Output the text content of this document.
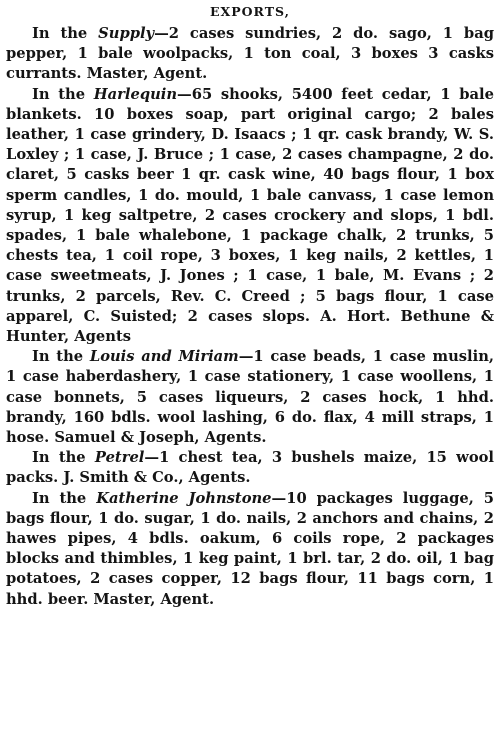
EXPORTS,

In the Supply—2 cases sundries, 2 do. sago, 1 bag pepper, 1 bale woolpacks, 1 ton coal, 3 boxes 3 casks currants. Master, Agent.

In the Harlequin—65 shooks, 5400 feet cedar, 1 bale blankets. 10 boxes soap, part original cargo; 2 bales leather, 1 case grindery, D. Isaacs ; 1 qr. cask brandy, W. S. Loxley ; 1 case, J. Bruce ; 1 case, 2 cases champagne, 2 do. claret, 5 casks beer 1 qr. cask wine, 40 bags flour, 1 box sperm candles, 1 do. mould, 1 bale canvass, 1 case lemon syrup, 1 keg saltpetre, 2 cases crockery and slops, 1 bdl. spades, 1 bale whalebone, 1 package chalk, 2 trunks, 5 chests tea, 1 coil rope, 3 boxes, 1 keg nails, 2 kettles, 1 case sweetmeats, J. Jones ; 1 case, 1 bale, M. Evans ; 2 trunks, 2 parcels, Rev. C. Creed ; 5 bags flour, 1 case apparel, C. Suisted; 2 cases slops. A. Hort. Bethune & Hunter, Agents

In the Louis and Miriam—1 case beads, 1 case muslin, 1 case haberdashery, 1 case stationery, 1 case woollens, 1 case bonnets, 5 cases liqueurs, 2 cases hock, 1 hhd. brandy, 160 bdls. wool lashing, 6 do. flax, 4 mill straps, 1 hose. Samuel & Joseph, Agents.

In the Petrel—1 chest tea, 3 bushels maize, 15 wool packs. J. Smith & Co., Agents.

In the Katherine Johnstone—10 packages luggage, 5 bags flour, 1 do. sugar, 1 do. nails, 2 anchors and chains, 2 hawes pipes, 4 bdls. oakum, 6 coils rope, 2 packages blocks and thimbles, 1 keg paint, 1 brl. tar, 2 do. oil, 1 bag potatoes, 2 cases copper, 12 bags flour, 11 bags corn, 1 hhd. beer. Master, Agent.
